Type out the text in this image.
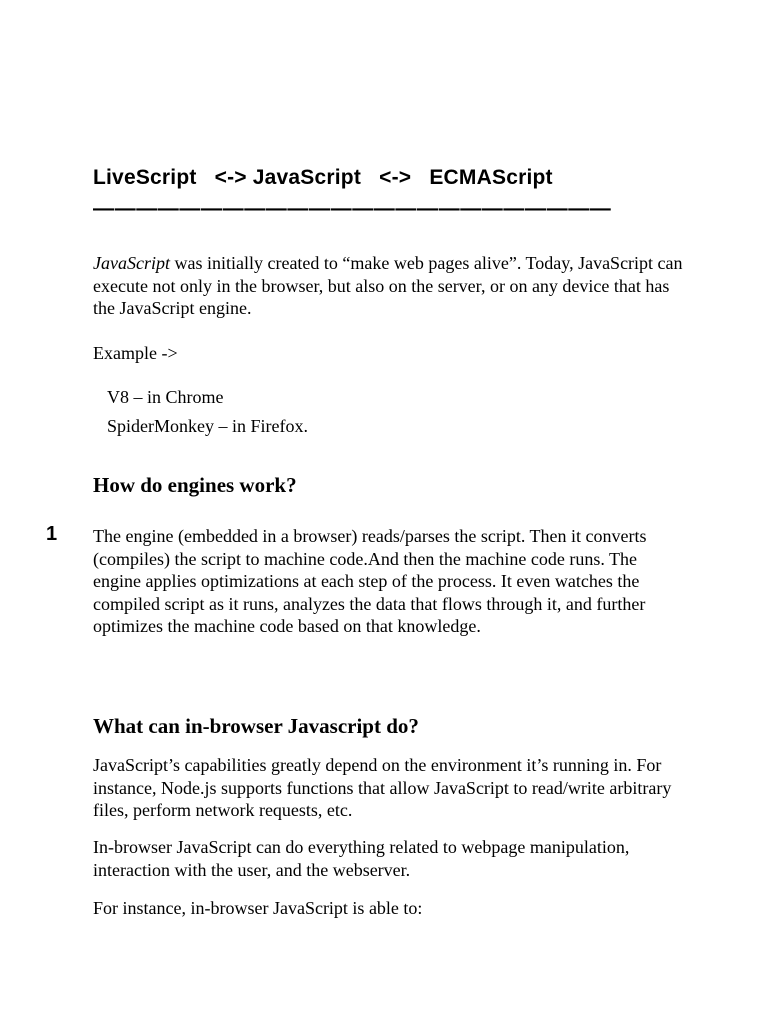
LiveScript   <-> JavaScript   <->   ECMAScript
————————————————————————
JavaScript was initially created to “make web pages alive”. Today, JavaScript can execute not only in the browser, but also on the server, or on any device that has the JavaScript engine.
Example ->
V8 – in Chrome
SpiderMonkey – in Firefox.
How do engines work?
1 The engine (embedded in a browser) reads/parses the script. Then it converts (compiles) the script to machine code.And then the machine code runs. The engine applies optimizations at each step of the process. It even watches the compiled script as it runs, analyzes the data that flows through it, and further optimizes the machine code based on that knowledge.
What can in-browser Javascript do?
JavaScript’s capabilities greatly depend on the environment it’s running in. For instance, Node.js supports functions that allow JavaScript to read/write arbitrary files, perform network requests, etc.
In-browser JavaScript can do everything related to webpage manipulation, interaction with the user, and the webserver.
For instance, in-browser JavaScript is able to:
